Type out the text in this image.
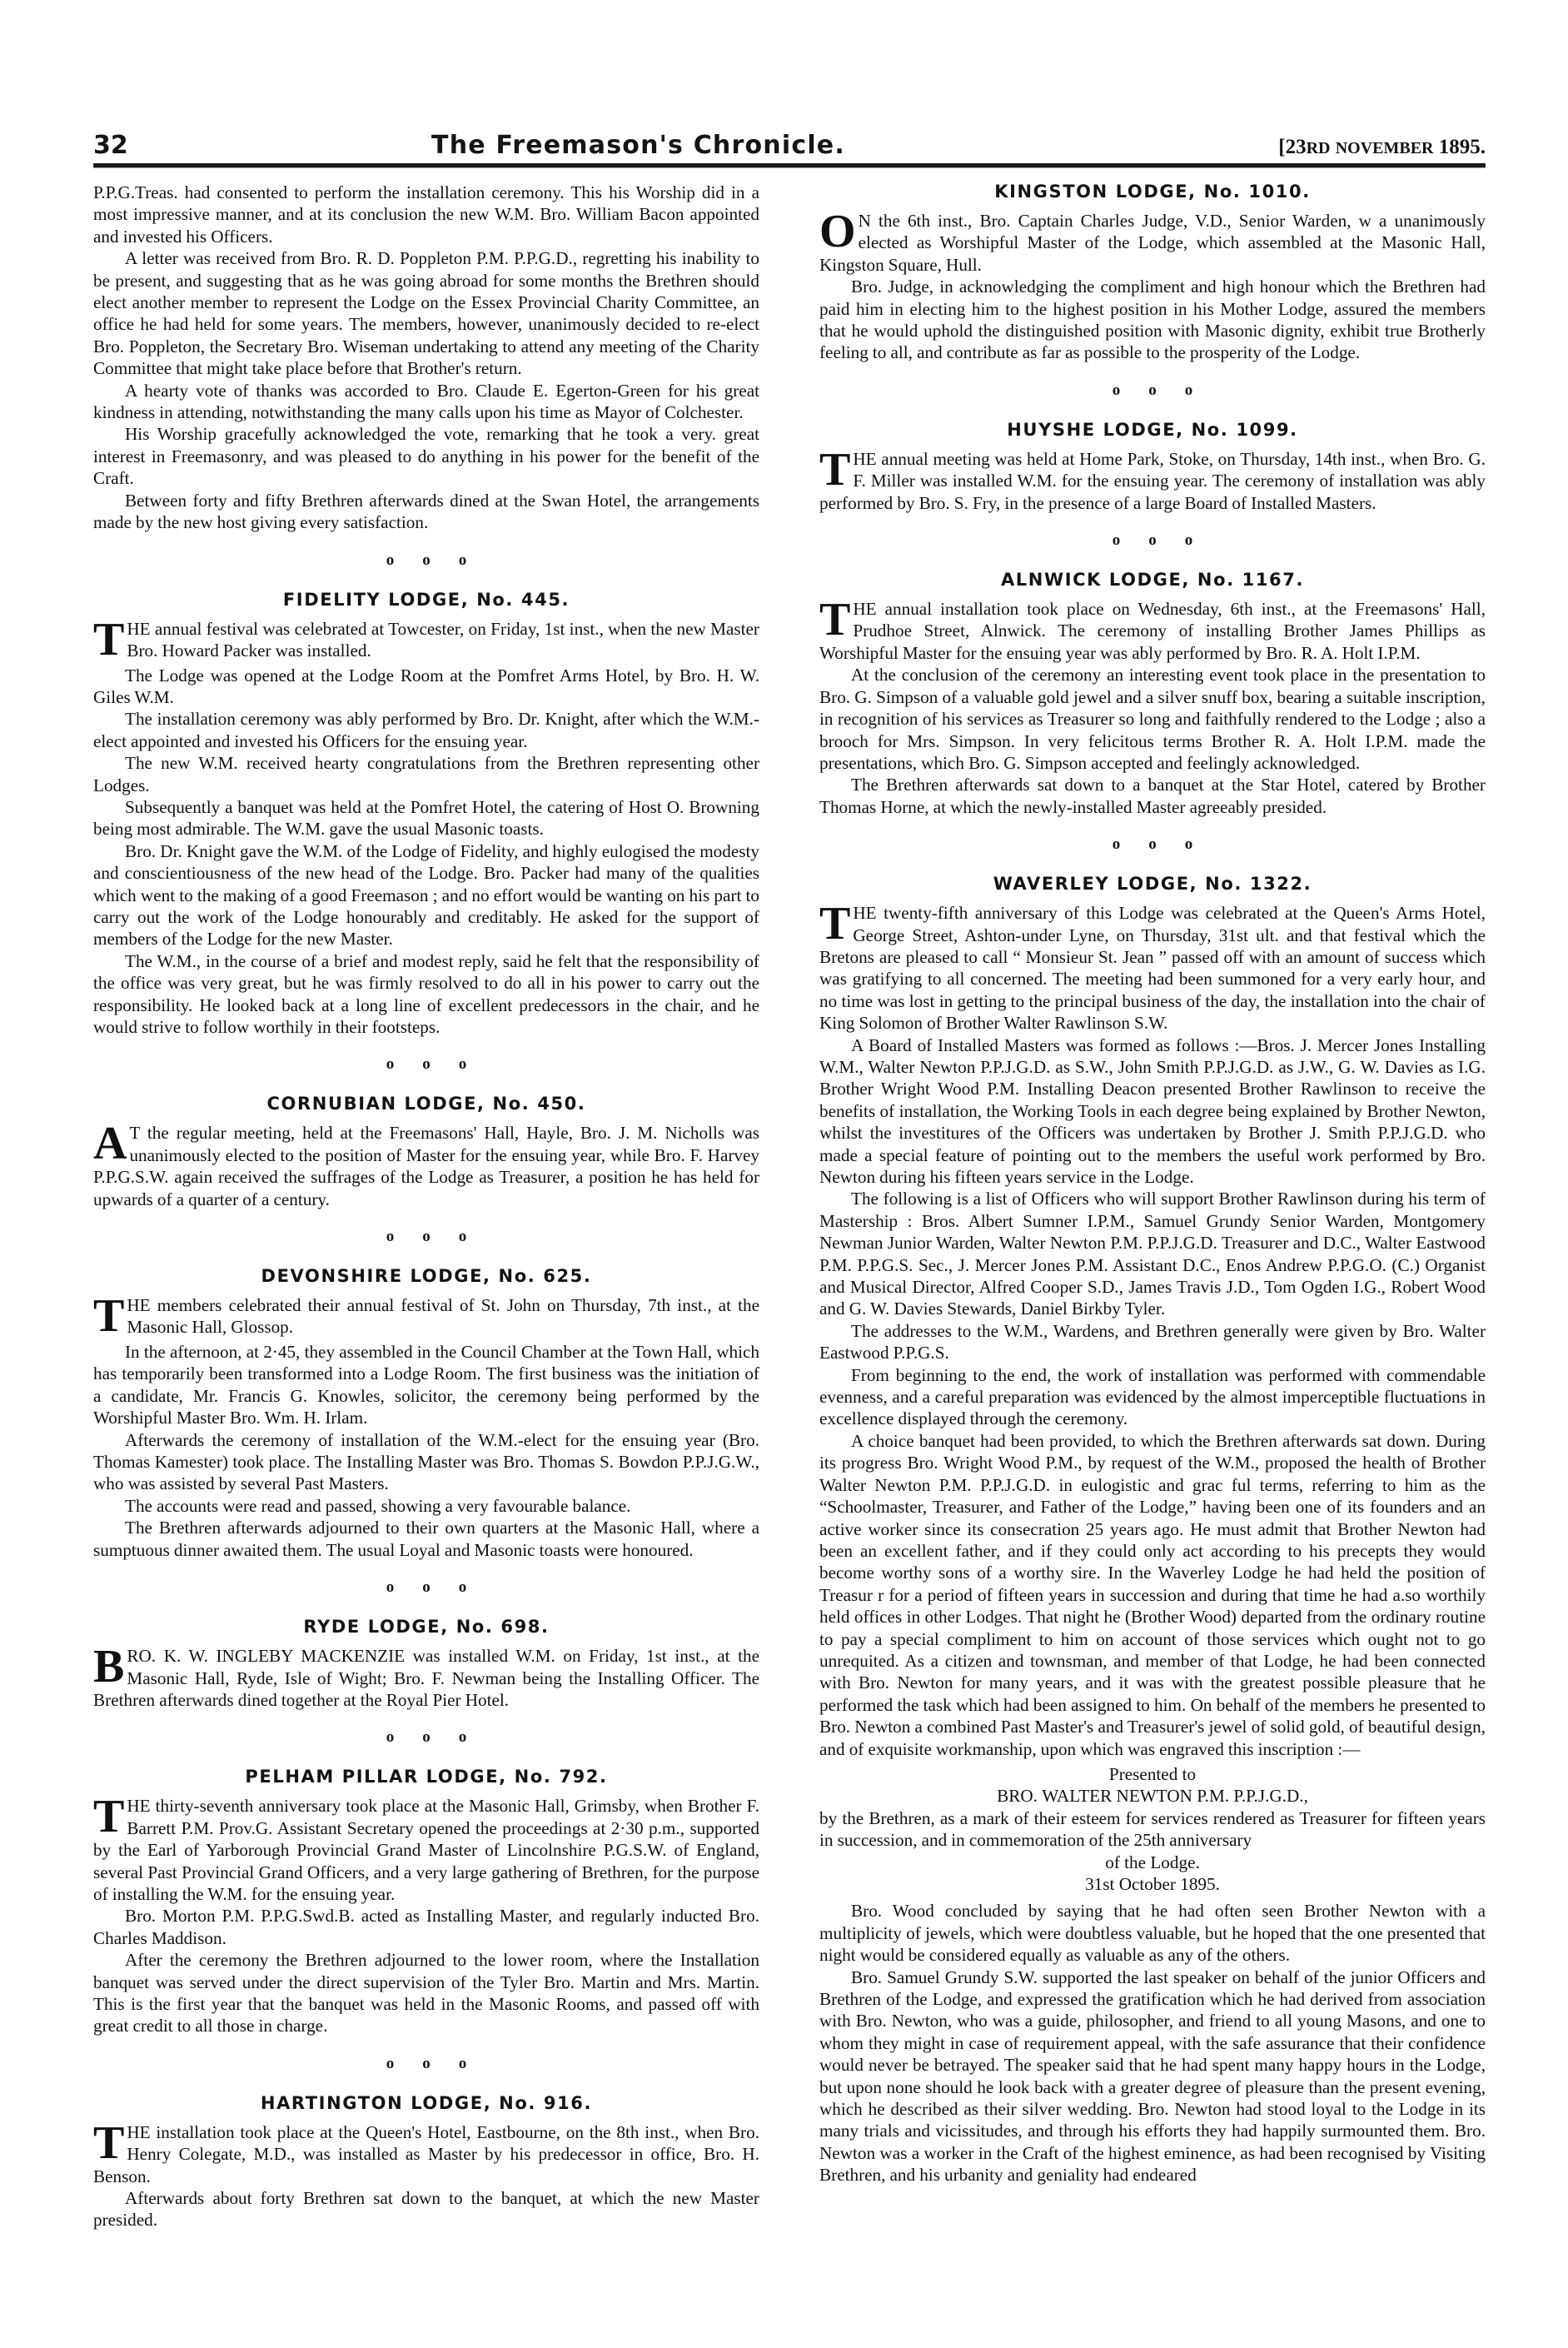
32	The Freemason's Chronicle.	[23RD NOVEMBER 1895.

P.P.G.Treas. had consented to perform the installation ceremony. This his Worship did in a most impressive manner, and at its conclusion the new W.M. Bro. William Bacon appointed and invested his Officers.

A letter was received from Bro. R. D. Poppleton P.M. P.P.G.D., regretting his inability to be present, and suggesting that as he was going abroad for some months the Brethren should elect another member to represent the Lodge on the Essex Provincial Charity Committee, an office he had held for some years. The members, however, unanimously decided to re-elect Bro. Poppleton, the Secretary Bro. Wiseman undertaking to attend any meeting of the Charity Committee that might take place before that Brother's return.

A hearty vote of thanks was accorded to Bro. Claude E. Egerton-Green for his great kindness in attending, notwithstanding the many calls upon his time as Mayor of Colchester.

His Worship gracefully acknowledged the vote, remarking that he took a very. great interest in Freemasonry, and was pleased to do anything in his power for the benefit of the Craft.

Between forty and fifty Brethren afterwards dined at the Swan Hotel, the arrangements made by the new host giving every satisfaction.

ooo
FIDELITY LODGE, No. 445.

THE annual festival was celebrated at Towcester, on Friday, 1st inst., when the new Master Bro. Howard Packer was installed.

The Lodge was opened at the Lodge Room at the Pomfret Arms Hotel, by Bro. H. W. Giles W.M.

The installation ceremony was ably performed by Bro. Dr. Knight, after which the W.M.-elect appointed and invested his Officers for the ensuing year.

The new W.M. received hearty congratulations from the Brethren representing other Lodges.

Subsequently a banquet was held at the Pomfret Hotel, the catering of Host O. Browning being most admirable. The W.M. gave the usual Masonic toasts.

Bro. Dr. Knight gave the W.M. of the Lodge of Fidelity, and highly eulogised the modesty and conscientiousness of the new head of the Lodge. Bro. Packer had many of the qualities which went to the making of a good Freemason ; and no effort would be wanting on his part to carry out the work of the Lodge honourably and creditably. He asked for the support of members of the Lodge for the new Master.

The W.M., in the course of a brief and modest reply, said he felt that the responsibility of the office was very great, but he was firmly resolved to do all in his power to carry out the responsibility. He looked back at a long line of excellent predecessors in the chair, and he would strive to follow worthily in their footsteps.

ooo
CORNUBIAN LODGE, No. 450.

A T the regular meeting, held at the Freemasons' Hall, Hayle, Bro. J. M. Nicholls was unanimously elected to the position of Master for the ensuing year, while Bro. F. Harvey P.P.G.S.W. again received the suffrages of the Lodge as Treasurer, a position he has held for upwards of a quarter of a century.

ooo
DEVONSHIRE LODGE, No. 625.

THE members celebrated their annual festival of St. John on Thursday, 7th inst., at the Masonic Hall, Glossop.

In the afternoon, at 2·45, they assembled in the Council Chamber at the Town Hall, which has temporarily been transformed into a Lodge Room. The first business was the initiation of a candidate, Mr. Francis G. Knowles, solicitor, the ceremony being performed by the Worshipful Master Bro. Wm. H. Irlam.

Afterwards the ceremony of installation of the W.M.-elect for the ensuing year (Bro. Thomas Kamester) took place. The Installing Master was Bro. Thomas S. Bowdon P.P.J.G.W., who was assisted by several Past Masters.

The accounts were read and passed, showing a very favourable balance.

The Brethren afterwards adjourned to their own quarters at the Masonic Hall, where a sumptuous dinner awaited them. The usual Loyal and Masonic toasts were honoured.

ooo
RYDE LODGE, No. 698.

BRO. K. W. INGLEBY MACKENZIE was installed W.M. on Friday, 1st inst., at the Masonic Hall, Ryde, Isle of Wight; Bro. F. Newman being the Installing Officer. The Brethren afterwards dined together at the Royal Pier Hotel.

ooo
PELHAM PILLAR LODGE, No. 792.

THE thirty-seventh anniversary took place at the Masonic Hall, Grimsby, when Brother F. Barrett P.M. Prov.G. Assistant Secretary opened the proceedings at 2·30 p.m., supported by the Earl of Yarborough Provincial Grand Master of Lincolnshire P.G.S.W. of England, several Past Provincial Grand Officers, and a very large gathering of Brethren, for the purpose of installing the W.M. for the ensuing year.

Bro. Morton P.M. P.P.G.Swd.B. acted as Installing Master, and regularly inducted Bro. Charles Maddison.

After the ceremony the Brethren adjourned to the lower room, where the Installation banquet was served under the direct supervision of the Tyler Bro. Martin and Mrs. Martin. This is the first year that the banquet was held in the Masonic Rooms, and passed off with great credit to all those in charge.

ooo
HARTINGTON LODGE, No. 916.

THE installation took place at the Queen's Hotel, Eastbourne, on the 8th inst., when Bro. Henry Colegate, M.D., was installed as Master by his predecessor in office, Bro. H. Benson.

Afterwards about forty Brethren sat down to the banquet, at which the new Master presided.

KINGSTON LODGE, No. 1010.

O N the 6th inst., Bro. Captain Charles Judge, V.D., Senior Warden, w a unanimously elected as Worshipful Master of the Lodge, which assembled at the Masonic Hall, Kingston Square, Hull.

Bro. Judge, in acknowledging the compliment and high honour which the Brethren had paid him in electing him to the highest position in his Mother Lodge, assured the members that he would uphold the distinguished position with Masonic dignity, exhibit true Brotherly feeling to all, and contribute as far as possible to the prosperity of the Lodge.

ooo
HUYSHE LODGE, No. 1099.

THE annual meeting was held at Home Park, Stoke, on Thursday, 14th inst., when Bro. G. F. Miller was installed W.M. for the ensuing year. The ceremony of installation was ably performed by Bro. S. Fry, in the presence of a large Board of Installed Masters.

ooo
ALNWICK LODGE, No. 1167.

THE annual installation took place on Wednesday, 6th inst., at the Freemasons' Hall, Prudhoe Street, Alnwick. The ceremony of installing Brother James Phillips as Worshipful Master for the ensuing year was ably performed by Bro. R. A. Holt I.P.M.

At the conclusion of the ceremony an interesting event took place in the presentation to Bro. G. Simpson of a valuable gold jewel and a silver snuff box, bearing a suitable inscription, in recognition of his services as Treasurer so long and faithfully rendered to the Lodge ; also a brooch for Mrs. Simpson. In very felicitous terms Brother R. A. Holt I.P.M. made the presentations, which Bro. G. Simpson accepted and feelingly acknowledged.

The Brethren afterwards sat down to a banquet at the Star Hotel, catered by Brother Thomas Horne, at which the newly-installed Master agreeably presided.

ooo
WAVERLEY LODGE, No. 1322.

THE twenty-fifth anniversary of this Lodge was celebrated at the Queen's Arms Hotel, George Street, Ashton-under Lyne, on Thursday, 31st ult. and that festival which the Bretons are pleased to call “ Monsieur St. Jean ” passed off with an amount of success which was gratifying to all concerned. The meeting had been summoned for a very early hour, and no time was lost in getting to the principal business of the day, the installation into the chair of King Solomon of Brother Walter Rawlinson S.W.

A Board of Installed Masters was formed as follows :—Bros. J. Mercer Jones Installing W.M., Walter Newton P.P.J.G.D. as S.W., John Smith P.P.J.G.D. as J.W., G. W. Davies as I.G. Brother Wright Wood P.M. Installing Deacon presented Brother Rawlinson to receive the benefits of installation, the Working Tools in each degree being explained by Brother Newton, whilst the investitures of the Officers was undertaken by Brother J. Smith P.P.J.G.D. who made a special feature of pointing out to the members the useful work performed by Bro. Newton during his fifteen years service in the Lodge.

The following is a list of Officers who will support Brother Rawlinson during his term of Mastership : Bros. Albert Sumner I.P.M., Samuel Grundy Senior Warden, Montgomery Newman Junior Warden, Walter Newton P.M. P.P.J.G.D. Treasurer and D.C., Walter Eastwood P.M. P.P.G.S. Sec., J. Mercer Jones P.M. Assistant D.C., Enos Andrew P.P.G.O. (C.) Organist and Musical Director, Alfred Cooper S.D., James Travis J.D., Tom Ogden I.G., Robert Wood and G. W. Davies Stewards, Daniel Birkby Tyler.

The addresses to the W.M., Wardens, and Brethren generally were given by Bro. Walter Eastwood P.P.G.S.

From beginning to the end, the work of installation was performed with commendable evenness, and a careful preparation was evidenced by the almost imperceptible fluctuations in excellence displayed through the ceremony.

A choice banquet had been provided, to which the Brethren afterwards sat down. During its progress Bro. Wright Wood P.M., by request of the W.M., proposed the health of Brother Walter Newton P.M. P.P.J.G.D. in eulogistic and grac ful terms, referring to him as the “Schoolmaster, Treasurer, and Father of the Lodge,” having been one of its founders and an active worker since its consecration 25 years ago. He must admit that Brother Newton had been an excellent father, and if they could only act according to his precepts they would become worthy sons of a worthy sire. In the Waverley Lodge he had held the position of Treasur r for a period of fifteen years in succession and during that time he had a.so worthily held offices in other Lodges. That night he (Brother Wood) departed from the ordinary routine to pay a special compliment to him on account of those services which ought not to go unrequited. As a citizen and townsman, and member of that Lodge, he had been connected with Bro. Newton for many years, and it was with the greatest possible pleasure that he performed the task which had been assigned to him. On behalf of the members he presented to Bro. Newton a combined Past Master's and Treasurer's jewel of solid gold, of beautiful design, and of exquisite workmanship, upon which was engraved this inscription :—

Presented to

BRO. WALTER NEWTON P.M. P.P.J.G.D.,

by the Brethren, as a mark of their esteem for services rendered as Treasurer for fifteen years in succession, and in commemoration of the 25th anniversary

of the Lodge.

31st October 1895.

Bro. Wood concluded by saying that he had often seen Brother Newton with a multiplicity of jewels, which were doubtless valuable, but he hoped that the one presented that night would be considered equally as valuable as any of the others.

Bro. Samuel Grundy S.W. supported the last speaker on behalf of the junior Officers and Brethren of the Lodge, and expressed the gratification which he had derived from association with Bro. Newton, who was a guide, philosopher, and friend to all young Masons, and one to whom they might in case of requirement appeal, with the safe assurance that their confidence would never be betrayed. The speaker said that he had spent many happy hours in the Lodge, but upon none should he look back with a greater degree of pleasure than the present evening, which he described as their silver wedding. Bro. Newton had stood loyal to the Lodge in its many trials and vicissitudes, and through his efforts they had happily surmounted them. Bro. Newton was a worker in the Craft of the highest eminence, as had been recognised by Visiting Brethren, and his urbanity and geniality had endeared
